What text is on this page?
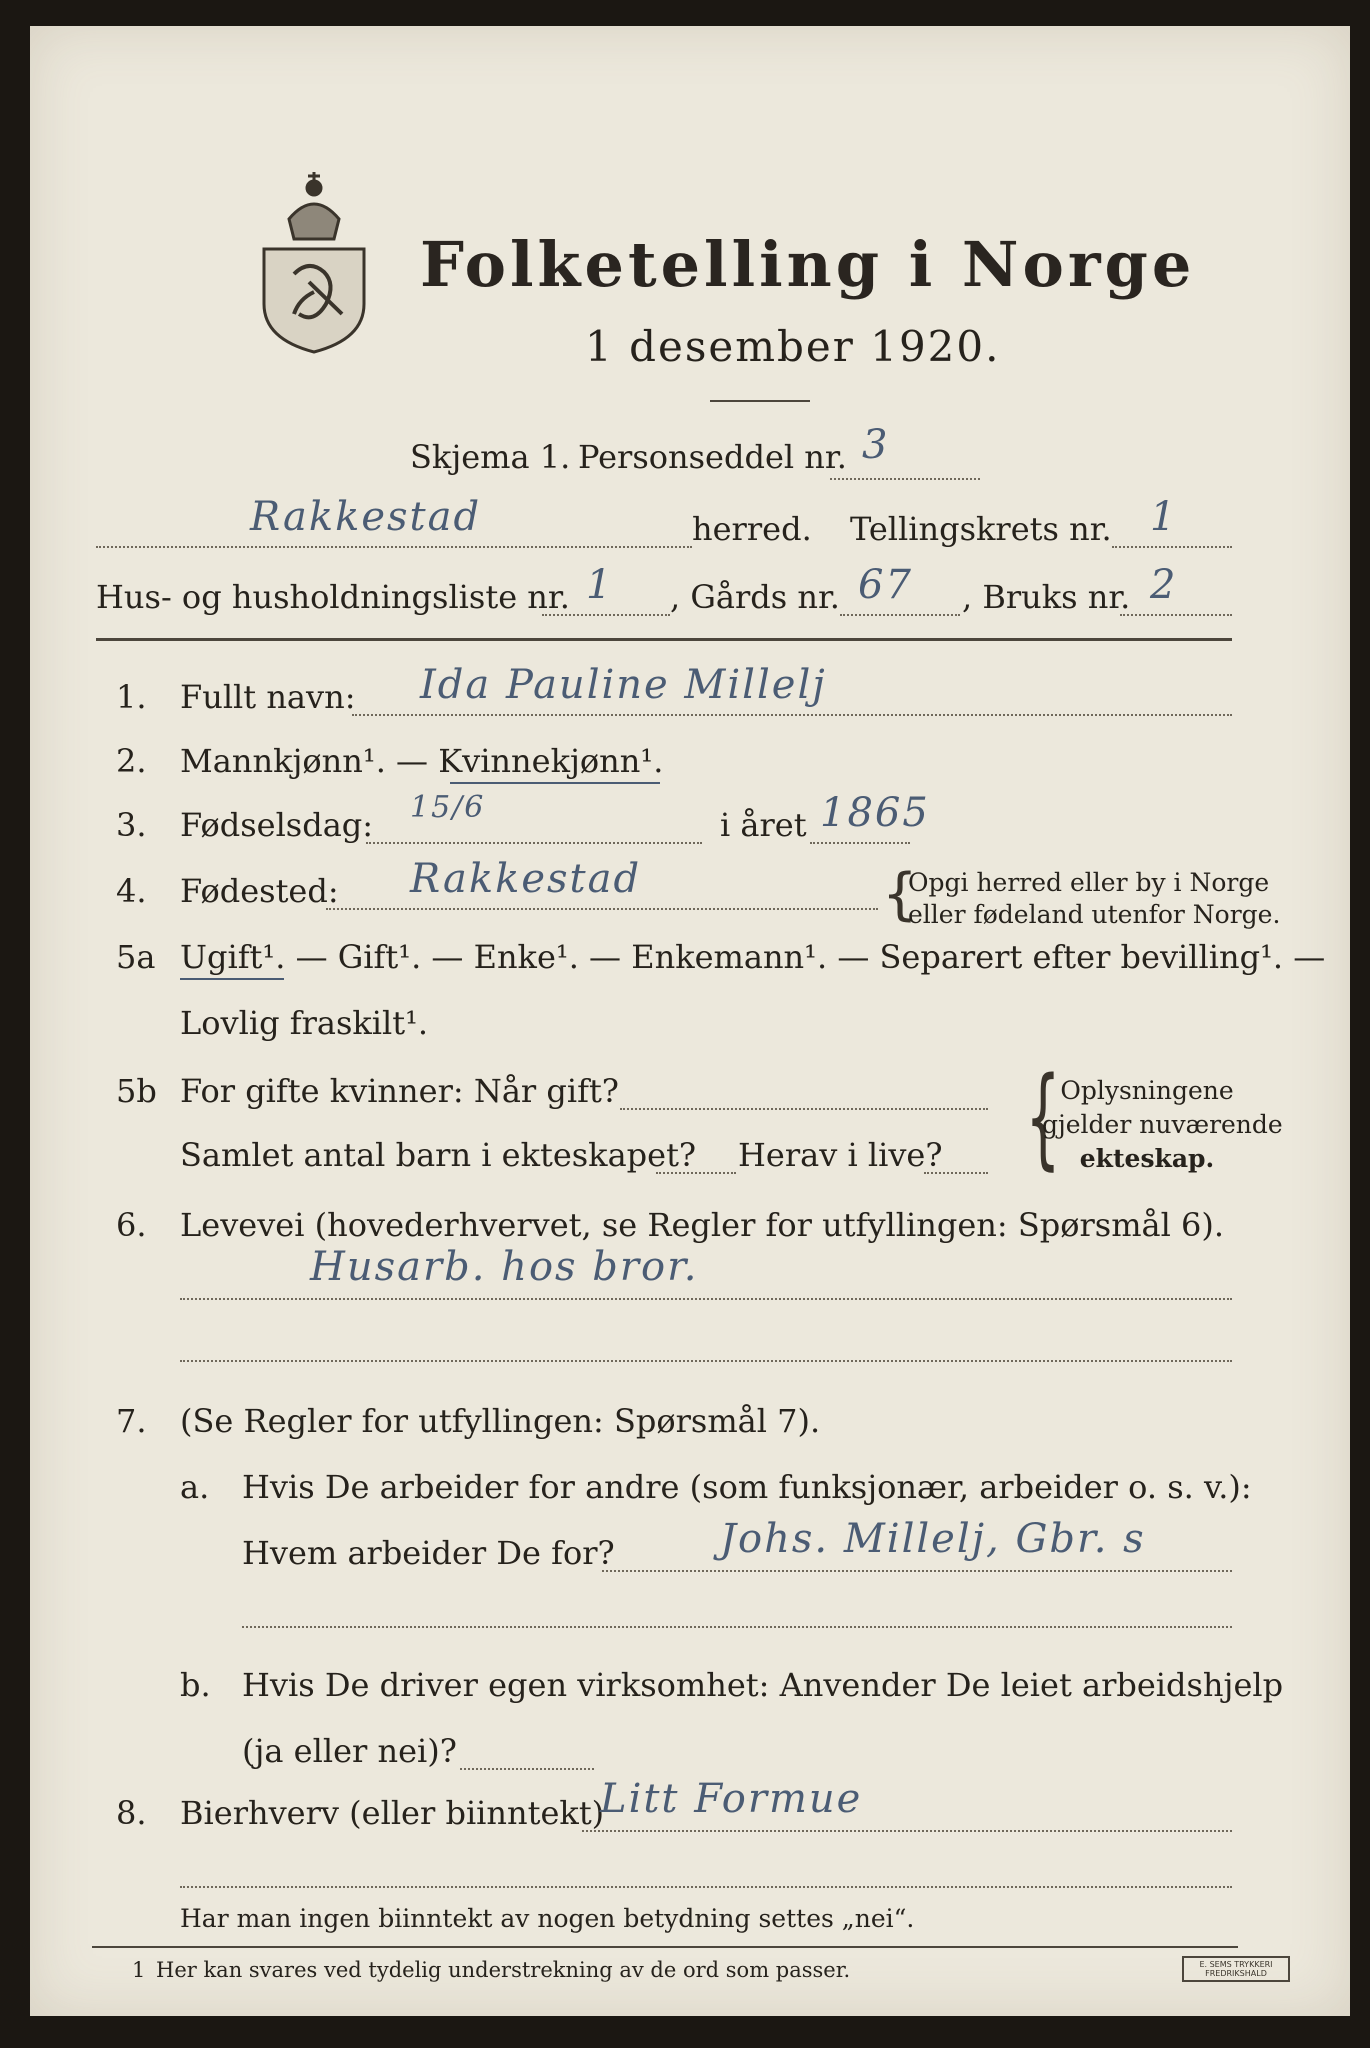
Folketelling i Norge
1 desember 1920.
Skjema 1. Personseddel nr. 3
Rakkestad	herred. Tellingskrets nr. 1
Hus- og husholdningsliste nr. 1 , Gårds nr. 67 , Bruks nr. 2
1. Fullt navn: Ida Pauline Millelj
2. Mannkjønn¹. — Kvinnekjønn¹.
3. Fødselsdag: 15/6	i året 1865
4. Fødested: Rakkestad	{
Opgi herred eller by i Norge
eller fødeland utenfor Norge.
5a Ugift¹. — Gift¹. — Enke¹. — Enkemann¹. — Separert efter bevilling¹. —
Lovlig fraskilt¹.
5b For gifte kvinner: Når gift?
Samlet antal barn i ekteskapet? Herav i live? { Oplysningene
gjelder nuværende
ekteskap.
6. Levevei (hovederhvervet, se Regler for utfyllingen: Spørsmål 6).
Husarb. hos bror.
7. (Se Regler for utfyllingen: Spørsmål 7).
a. Hvis De arbeider for andre (som funksjonær, arbeider o. s. v.):
Hvem arbeider De for?	Johs. Millelj, Gbr. s
b. Hvis De driver egen virksomhet: Anvender De leiet arbeidshjelp
(ja eller nei)?
8. Bierhverv (eller biinntekt)
Litt Formue
Har man ingen biinntekt av nogen betydning settes „nei“.
1 Her kan svares ved tydelig understrekning av de ord som passer.	E. SEMS TRYKKERI FREDRIKSHALD
